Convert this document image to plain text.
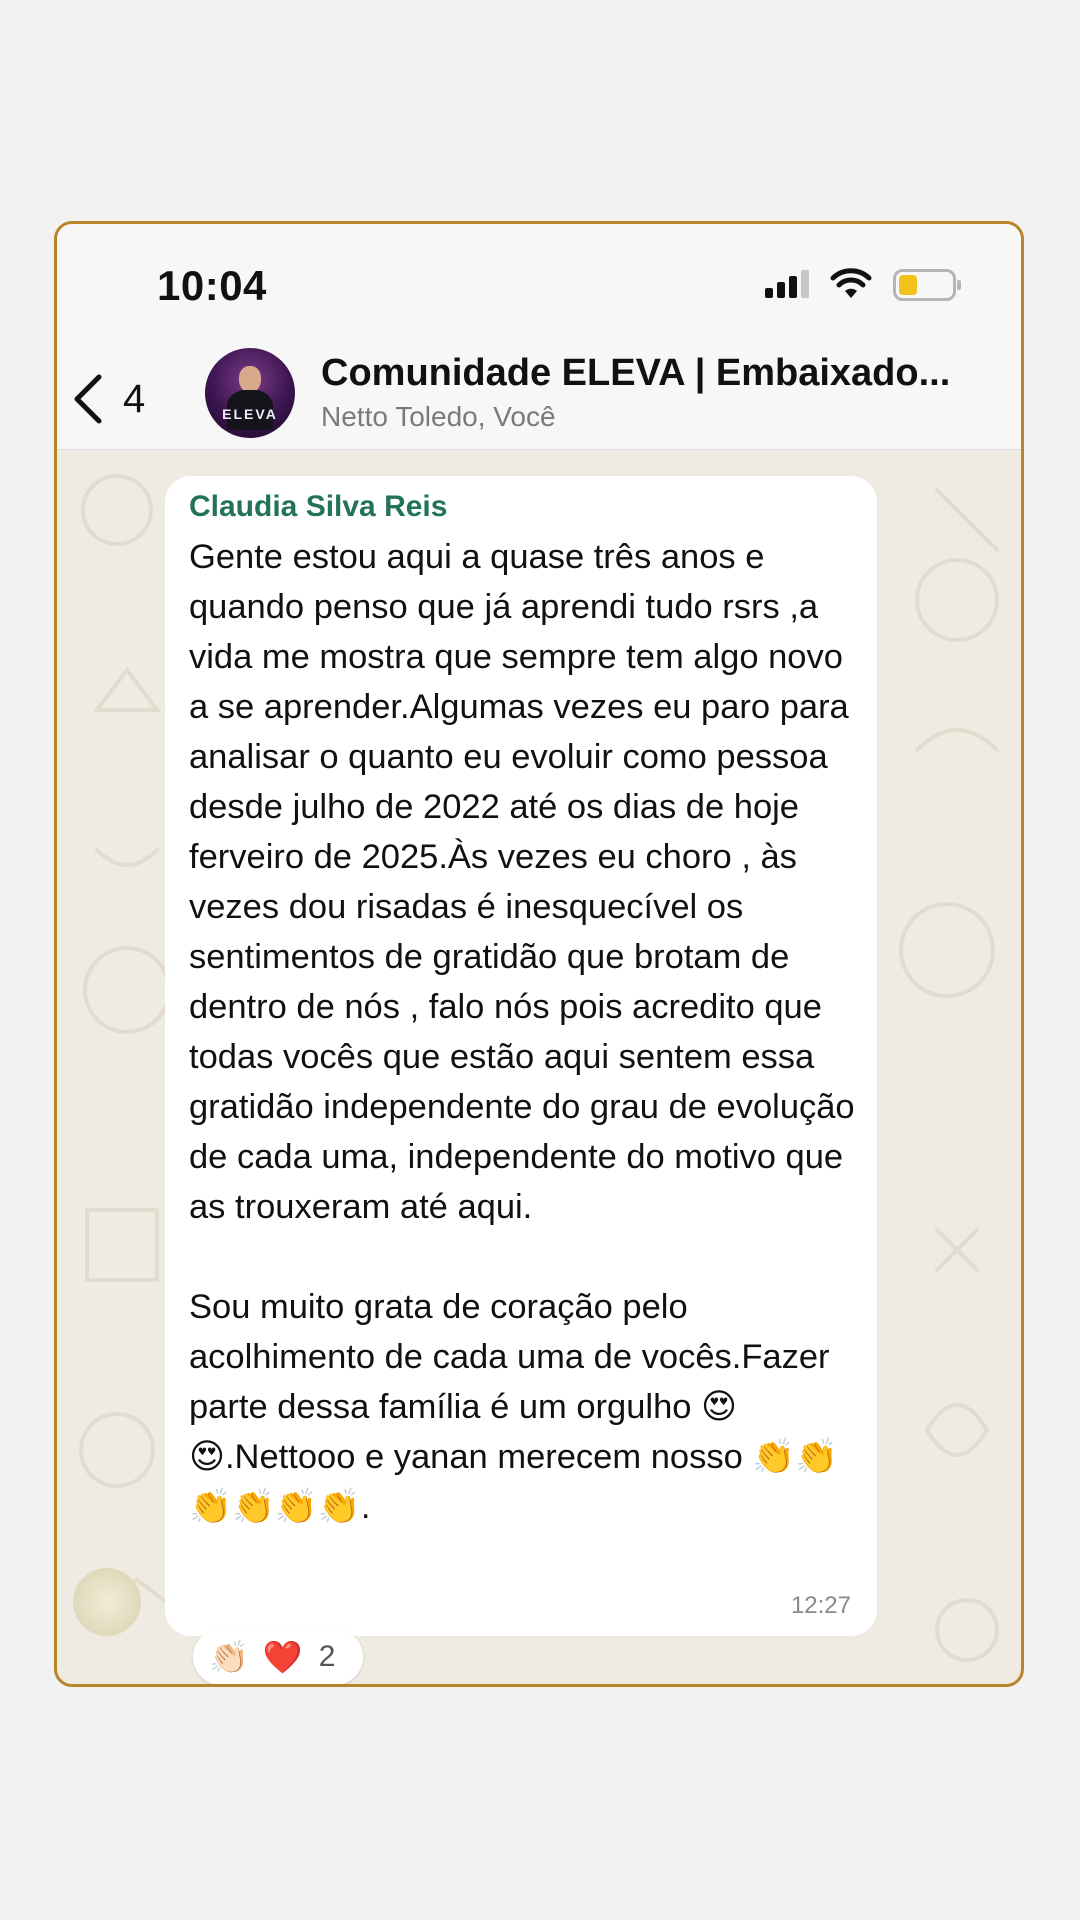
10:04
4	ELEVA
Comunidade ELEVA | Embaixado...
Netto Toledo, Você
Claudia Silva Reis
Gente estou aqui a quase três anos e quando penso que já aprendi tudo rsrs ,a vida me mostra que sempre tem algo novo a se aprender.Algumas vezes eu paro para analisar o quanto eu evoluir como pessoa desde julho de 2022 até os dias de hoje ferveiro de 2025.Às vezes eu choro , às vezes dou risadas é inesquecível os sentimentos de gratidão que brotam de dentro de nós , falo nós pois acredito que todas vocês que estão aqui sentem essa gratidão independente do grau de evolução de cada uma, independente do motivo que as trouxeram até aqui.

Sou muito grata de coração pelo acolhimento de cada uma de vocês.Fazer parte dessa família é um orgulho 😍😍.Nettooo e yanan merecem nosso 👏👏👏👏👏👏.
12:27
👏🏻 ❤️ 2
